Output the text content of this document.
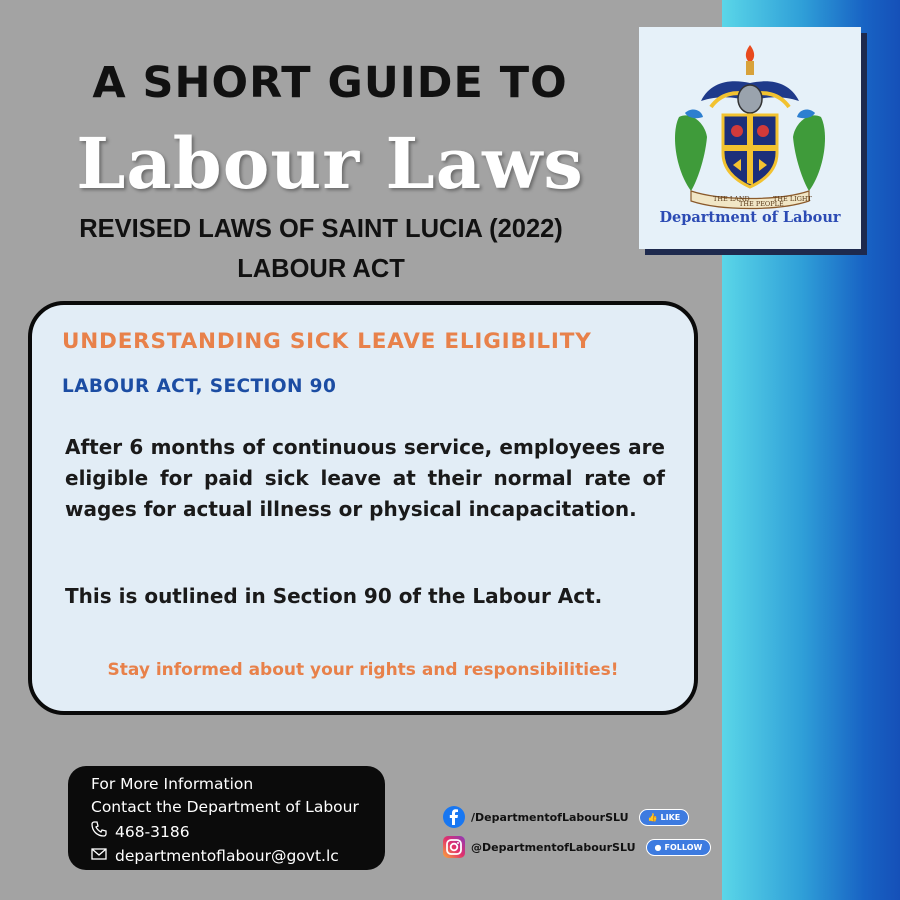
A SHORT GUIDE TO
Labour Laws
REVISED LAWS OF SAINT LUCIA (2022)
LABOUR ACT
THE LAND
THE PEOPLE
THE LIGHT
Department of Labour
UNDERSTANDING SICK LEAVE ELIGIBILITY
LABOUR ACT, SECTION 90
After 6 months of continuous service, employees are eligible for paid sick leave at their normal rate of wages for actual illness or physical incapacitation.
This is outlined in Section 90 of the Labour Act.
Stay informed about your rights and responsibilities!
For More Information
Contact the Department of Labour
468-3186
departmentoflabour@govt.lc
/DepartmentofLabourSLU 👍 LIKE
@DepartmentofLabourSLU ● FOLLOW
